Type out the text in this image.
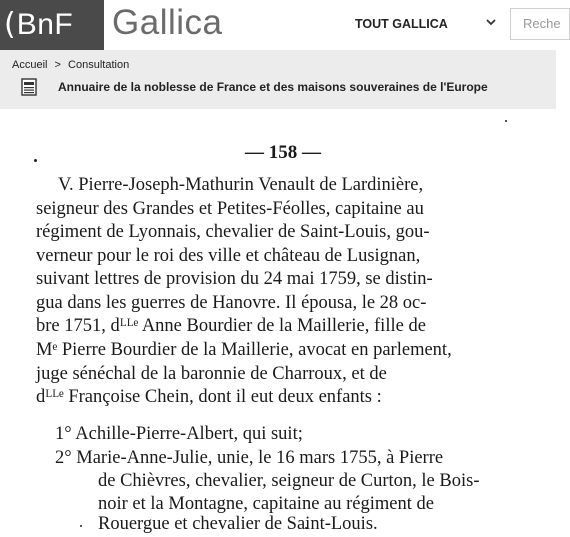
( BnF Gallica	TOUT GALLICA	Reche
Accueil > Consultation
Annuaire de la noblesse de France et des maisons souveraines de l'Europe
— 158 —
V. Pierre-Joseph-Mathurin Venault de Lardinière,
seigneur des Grandes et Petites-Féolles, capitaine au
régiment de Lyonnais, chevalier de Saint-Louis, gou-
verneur pour le roi des ville et château de Lusignan,
suivant lettres de provision du 24 mai 1759, se distin-
gua dans les guerres de Hanovre. Il épousa, le 28 oc-
bre 1751, dᴸᴸᵉ Anne Bourdier de la Maillerie, fille de
Mᵉ Pierre Bourdier de la Maillerie, avocat en parlement,
juge sénéchal de la baronnie de Charroux, et de
dᴸᴸᵉ Françoise Chein, dont il eut deux enfants :
1° Achille-Pierre-Albert, qui suit;
2° Marie-Anne-Julie, unie, le 16 mars 1755, à Pierre
de Chièvres, chevalier, seigneur de Curton, le Bois-
noir et la Montagne, capitaine au régiment de
Rouergue et chevalier de Saint-Louis.
